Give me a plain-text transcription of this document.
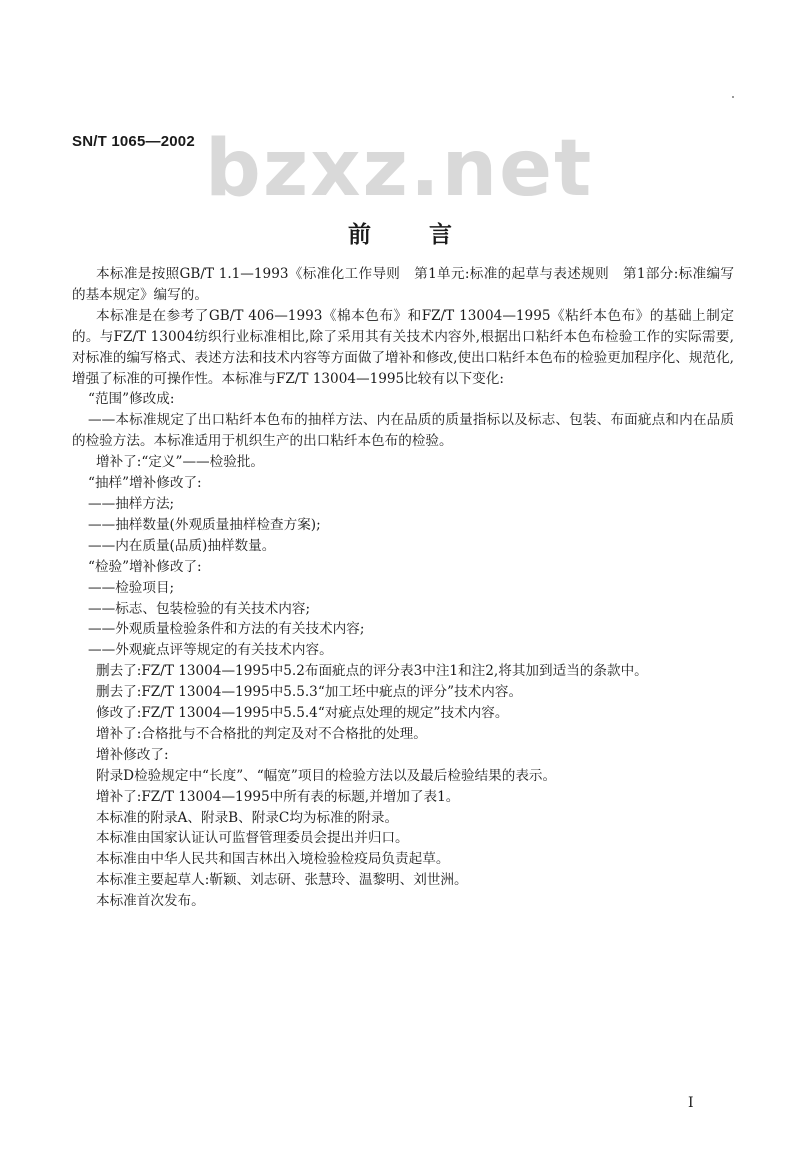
SN/T 1065—2002 bzxz.net
前言

本标准是按照GB/T 1.1—1993《标准化工作导则　第1单元:标准的起草与表述规则　第1部分:标准编写的基本规定》编写的。

本标准是在参考了GB/T 406—1993《棉本色布》和FZ/T 13004—1995《粘纤本色布》的基础上制定的。与FZ/T 13004纺织行业标准相比,除了采用其有关技术内容外,根据出口粘纤本色布检验工作的实际需要,对标准的编写格式、表述方法和技术内容等方面做了增补和修改,使出口粘纤本色布的检验更加程序化、规范化,增强了标准的可操作性。本标准与FZ/T 13004—1995比较有以下变化:

“范围”修改成:

——本标准规定了出口粘纤本色布的抽样方法、内在品质的质量指标以及标志、包装、布面疵点和内在品质的检验方法。本标准适用于机织生产的出口粘纤本色布的检验。

增补了:“定义”——检验批。

“抽样”增补修改了:

——抽样方法;

——抽样数量(外观质量抽样检查方案);

——内在质量(品质)抽样数量。

“检验”增补修改了:

——检验项目;

——标志、包装检验的有关技术内容;

——外观质量检验条件和方法的有关技术内容;

——外观疵点评等规定的有关技术内容。

删去了:FZ/T 13004—1995中5.2布面疵点的评分表3中注1和注2,将其加到适当的条款中。

删去了:FZ/T 13004—1995中5.5.3“加工坯中疵点的评分”技术内容。

修改了:FZ/T 13004—1995中5.5.4“对疵点处理的规定”技术内容。

增补了:合格批与不合格批的判定及对不合格批的处理。

增补修改了:

附录D检验规定中“长度”、“幅宽”项目的检验方法以及最后检验结果的表示。

增补了:FZ/T 13004—1995中所有表的标题,并增加了表1。

本标准的附录A、附录B、附录C均为标准的附录。

本标准由国家认证认可监督管理委员会提出并归口。

本标准由中华人民共和国吉林出入境检验检疫局负责起草。

本标准主要起草人:靳颖、刘志研、张慧玲、温黎明、刘世洲。

本标准首次发布。

I
